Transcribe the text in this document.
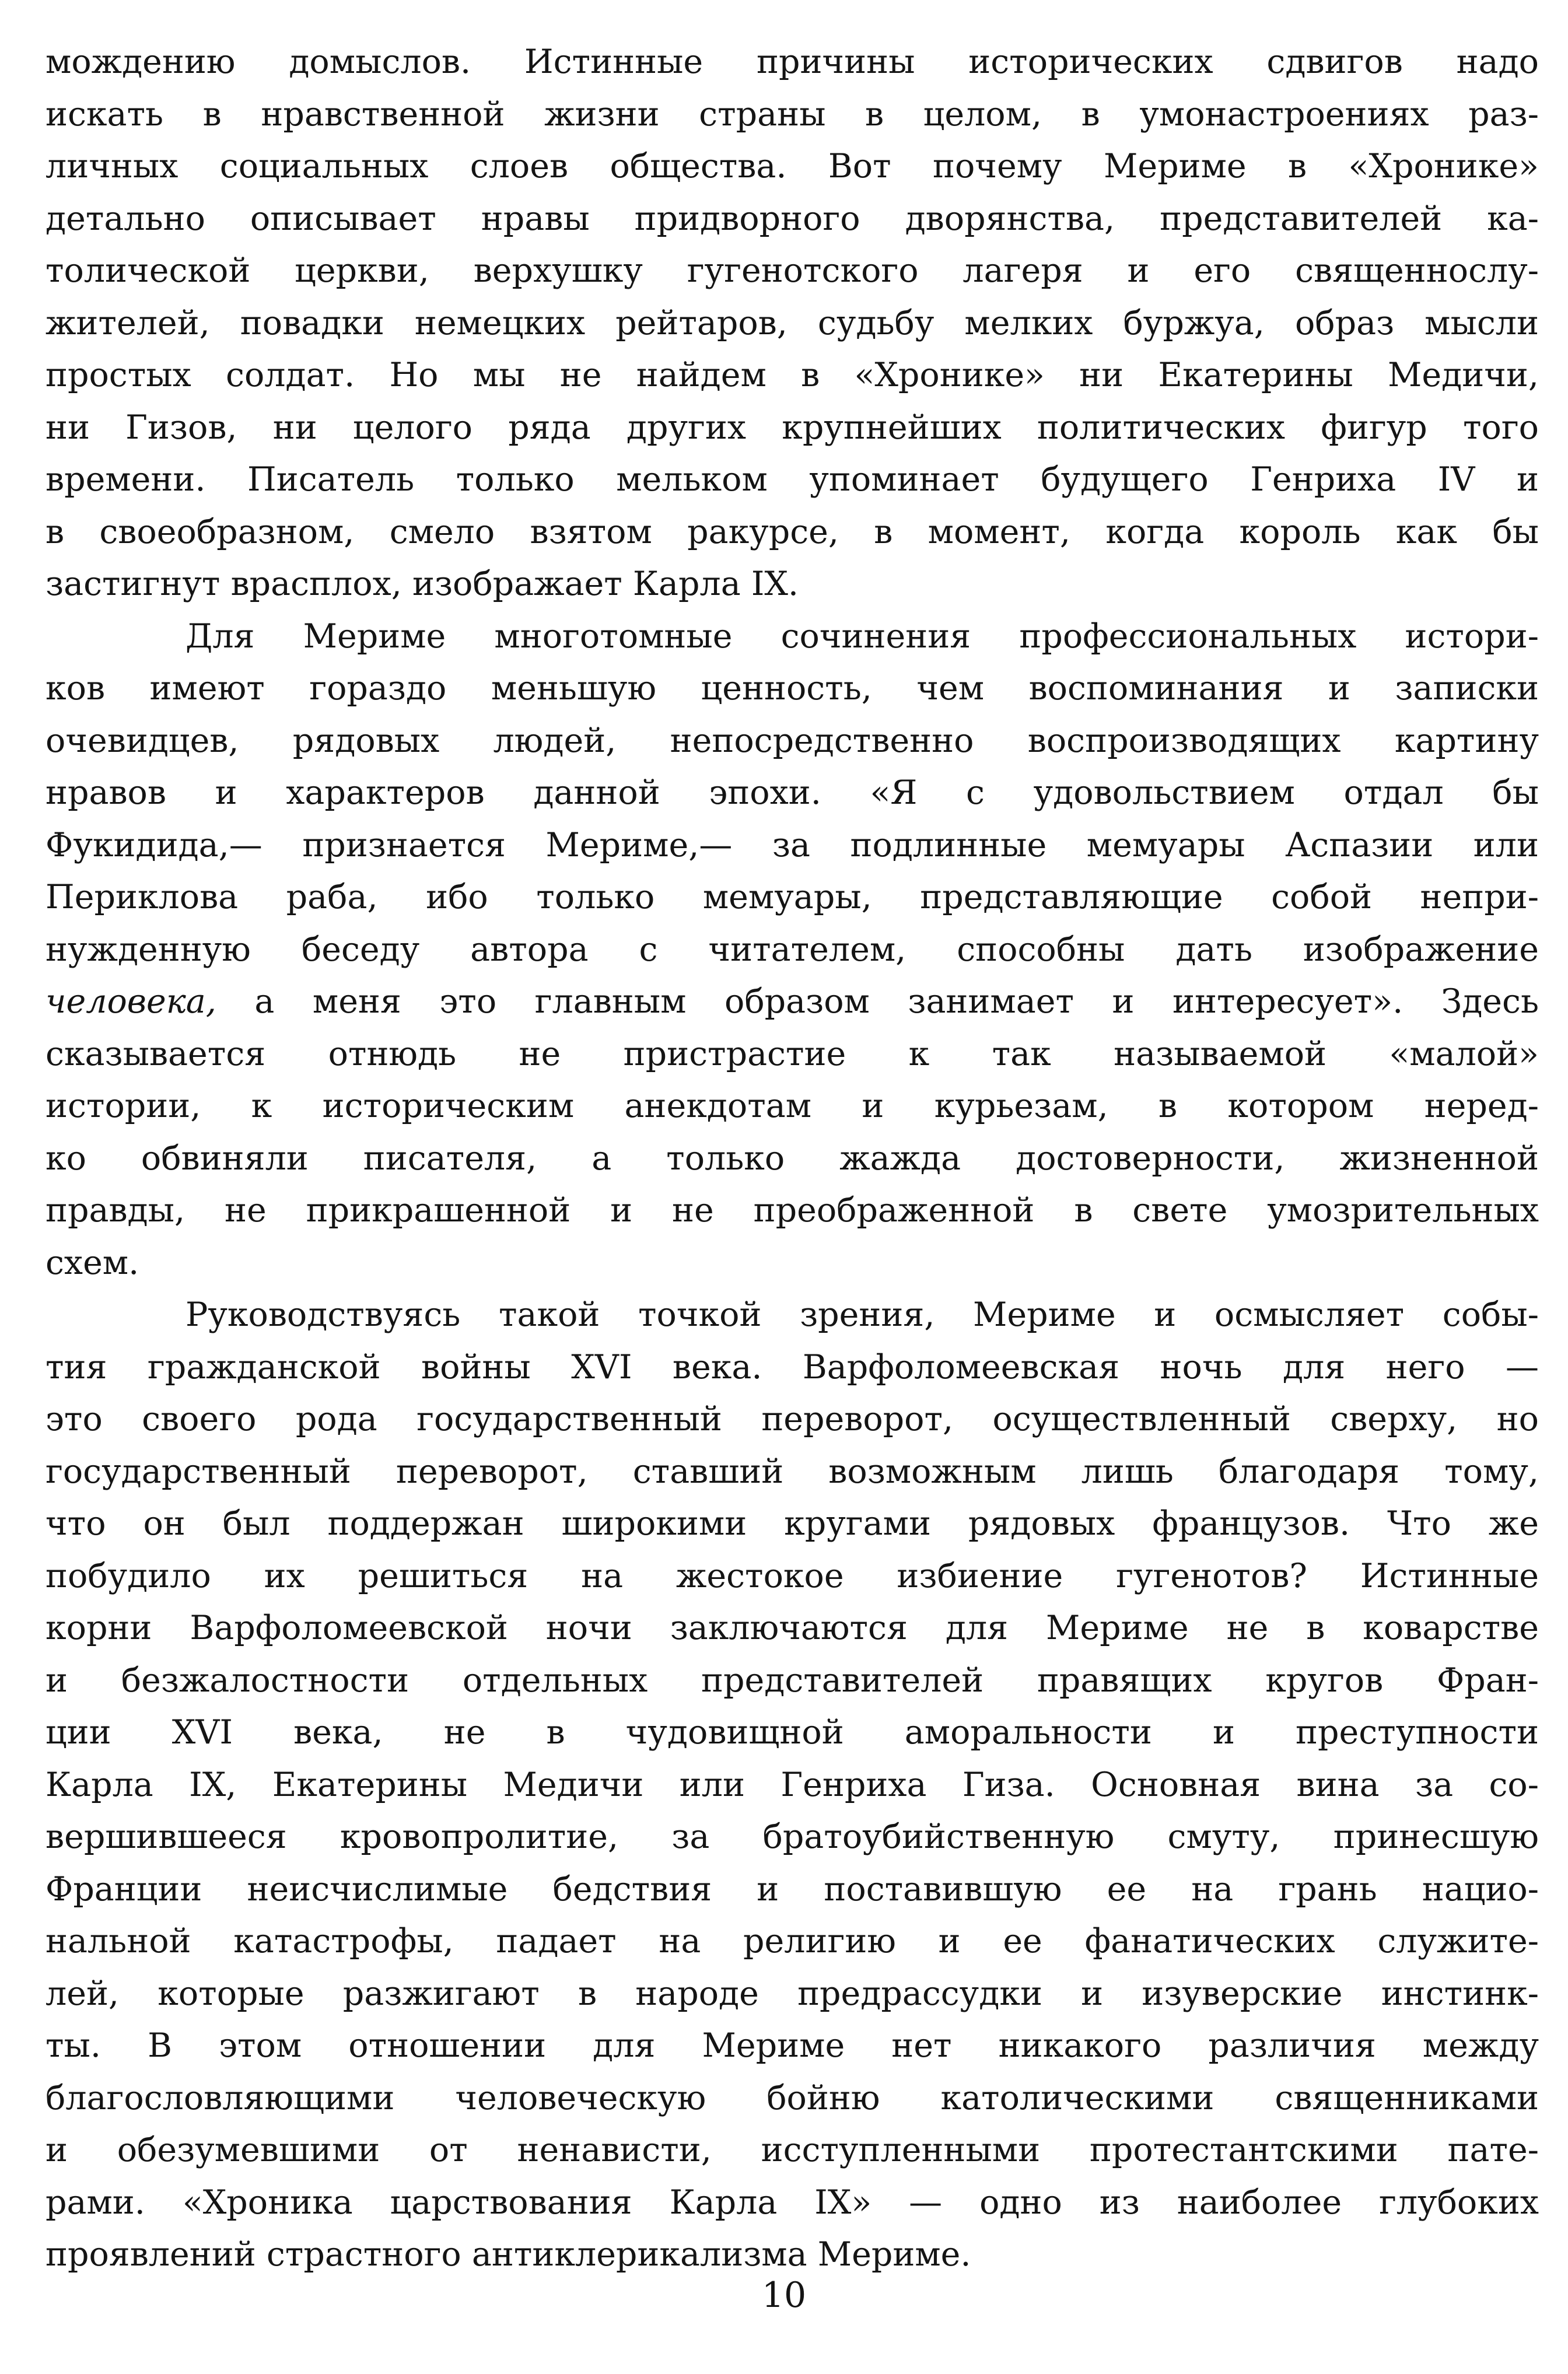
мождению домыслов. Истинные причины исторических сдвигов надо
искать в нравственной жизни страны в целом, в умонастроениях раз-
личных социальных слоев общества. Вот почему Мериме в «Хронике»
детально описывает нравы придворного дворянства, представителей ка-
толической церкви, верхушку гугенотского лагеря и его священнослу-
жителей, повадки немецких рейтаров, судьбу мелких буржуа, образ мысли
простых солдат. Но мы не найдем в «Хронике» ни Екатерины Медичи,
ни Гизов, ни целого ряда других крупнейших политических фигур того
времени. Писатель только мельком упоминает будущего Генриха IV и
в своеобразном, смело взятом ракурсе, в момент, когда король как бы
застигнут врасплох, изображает Карла IX.
Для Мериме многотомные сочинения профессиональных истори-
ков имеют гораздо меньшую ценность, чем воспоминания и записки
очевидцев, рядовых людей, непосредственно воспроизводящих картину
нравов и характеров данной эпохи. «Я с удовольствием отдал бы
Фукидида,— признается Мериме,— за подлинные мемуары Аспазии или
Периклова раба, ибо только мемуары, представляющие собой непри-
нужденную беседу автора с читателем, способны дать изображение
человека, а меня это главным образом занимает и интересует». Здесь
сказывается отнюдь не пристрастие к так называемой «малой»
истории, к историческим анекдотам и курьезам, в котором неред-
ко обвиняли писателя, а только жажда достоверности, жизненной
правды, не прикрашенной и не преображенной в свете умозрительных
схем.
Руководствуясь такой точкой зрения, Мериме и осмысляет собы-
тия гражданской войны XVI века. Варфоломеевская ночь для него —
это своего рода государственный переворот, осуществленный сверху, но
государственный переворот, ставший возможным лишь благодаря тому,
что он был поддержан широкими кругами рядовых французов. Что же
побудило их решиться на жестокое избиение гугенотов? Истинные
корни Варфоломеевской ночи заключаются для Мериме не в коварстве
и безжалостности отдельных представителей правящих кругов Фран-
ции XVI века, не в чудовищной аморальности и преступности
Карла IX, Екатерины Медичи или Генриха Гиза. Основная вина за со-
вершившееся кровопролитие, за братоубийственную смуту, принесшую
Франции неисчислимые бедствия и поставившую ее на грань нацио-
нальной катастрофы, падает на религию и ее фанатических служите-
лей, которые разжигают в народе предрассудки и изуверские инстинк-
ты. В этом отношении для Мериме нет никакого различия между
благословляющими человеческую бойню католическими священниками
и обезумевшими от ненависти, исступленными протестантскими пате-
рами. «Хроника царствования Карла IX» — одно из наиболее глубоких
проявлений страстного антиклерикализма Мериме.
10
